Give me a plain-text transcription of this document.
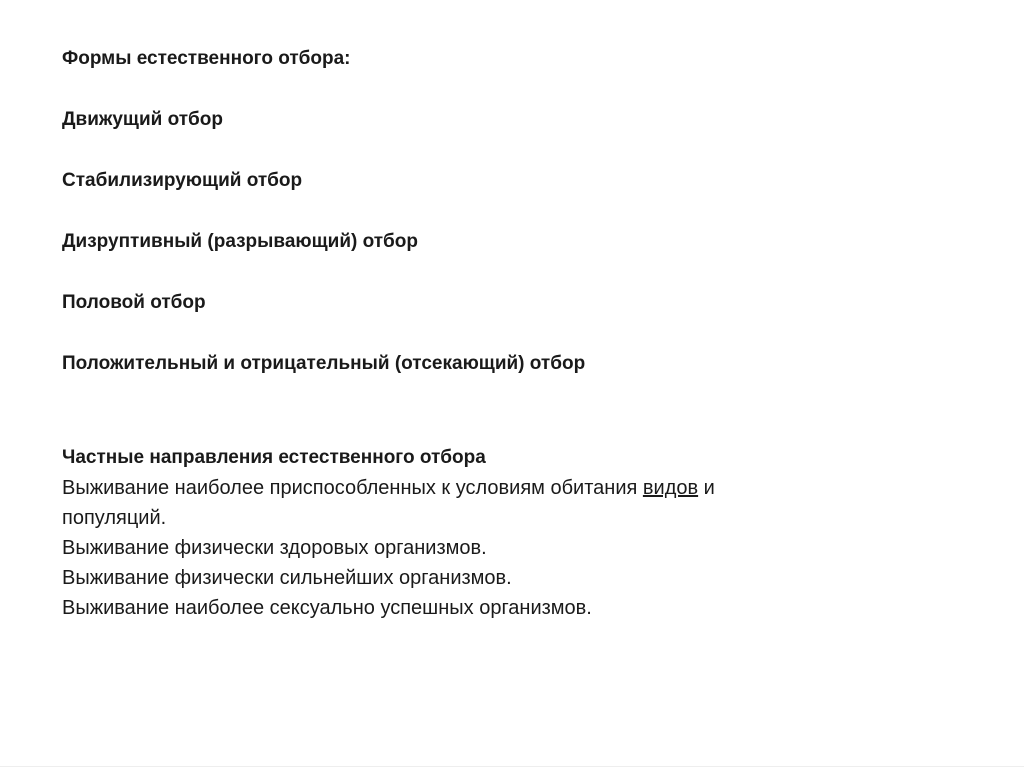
Формы естественного отбора:
Движущий отбор
Стабилизирующий отбор
Дизруптивный (разрывающий) отбор
Половой отбор
Положительный и отрицательный (отсекающий) отбор
Частные направления естественного отбора
Выживание наиболее приспособленных к условиям обитания видов и
популяций.
Выживание физически здоровых организмов.
Выживание физически сильнейших организмов.
Выживание наиболее сексуально успешных организмов.
